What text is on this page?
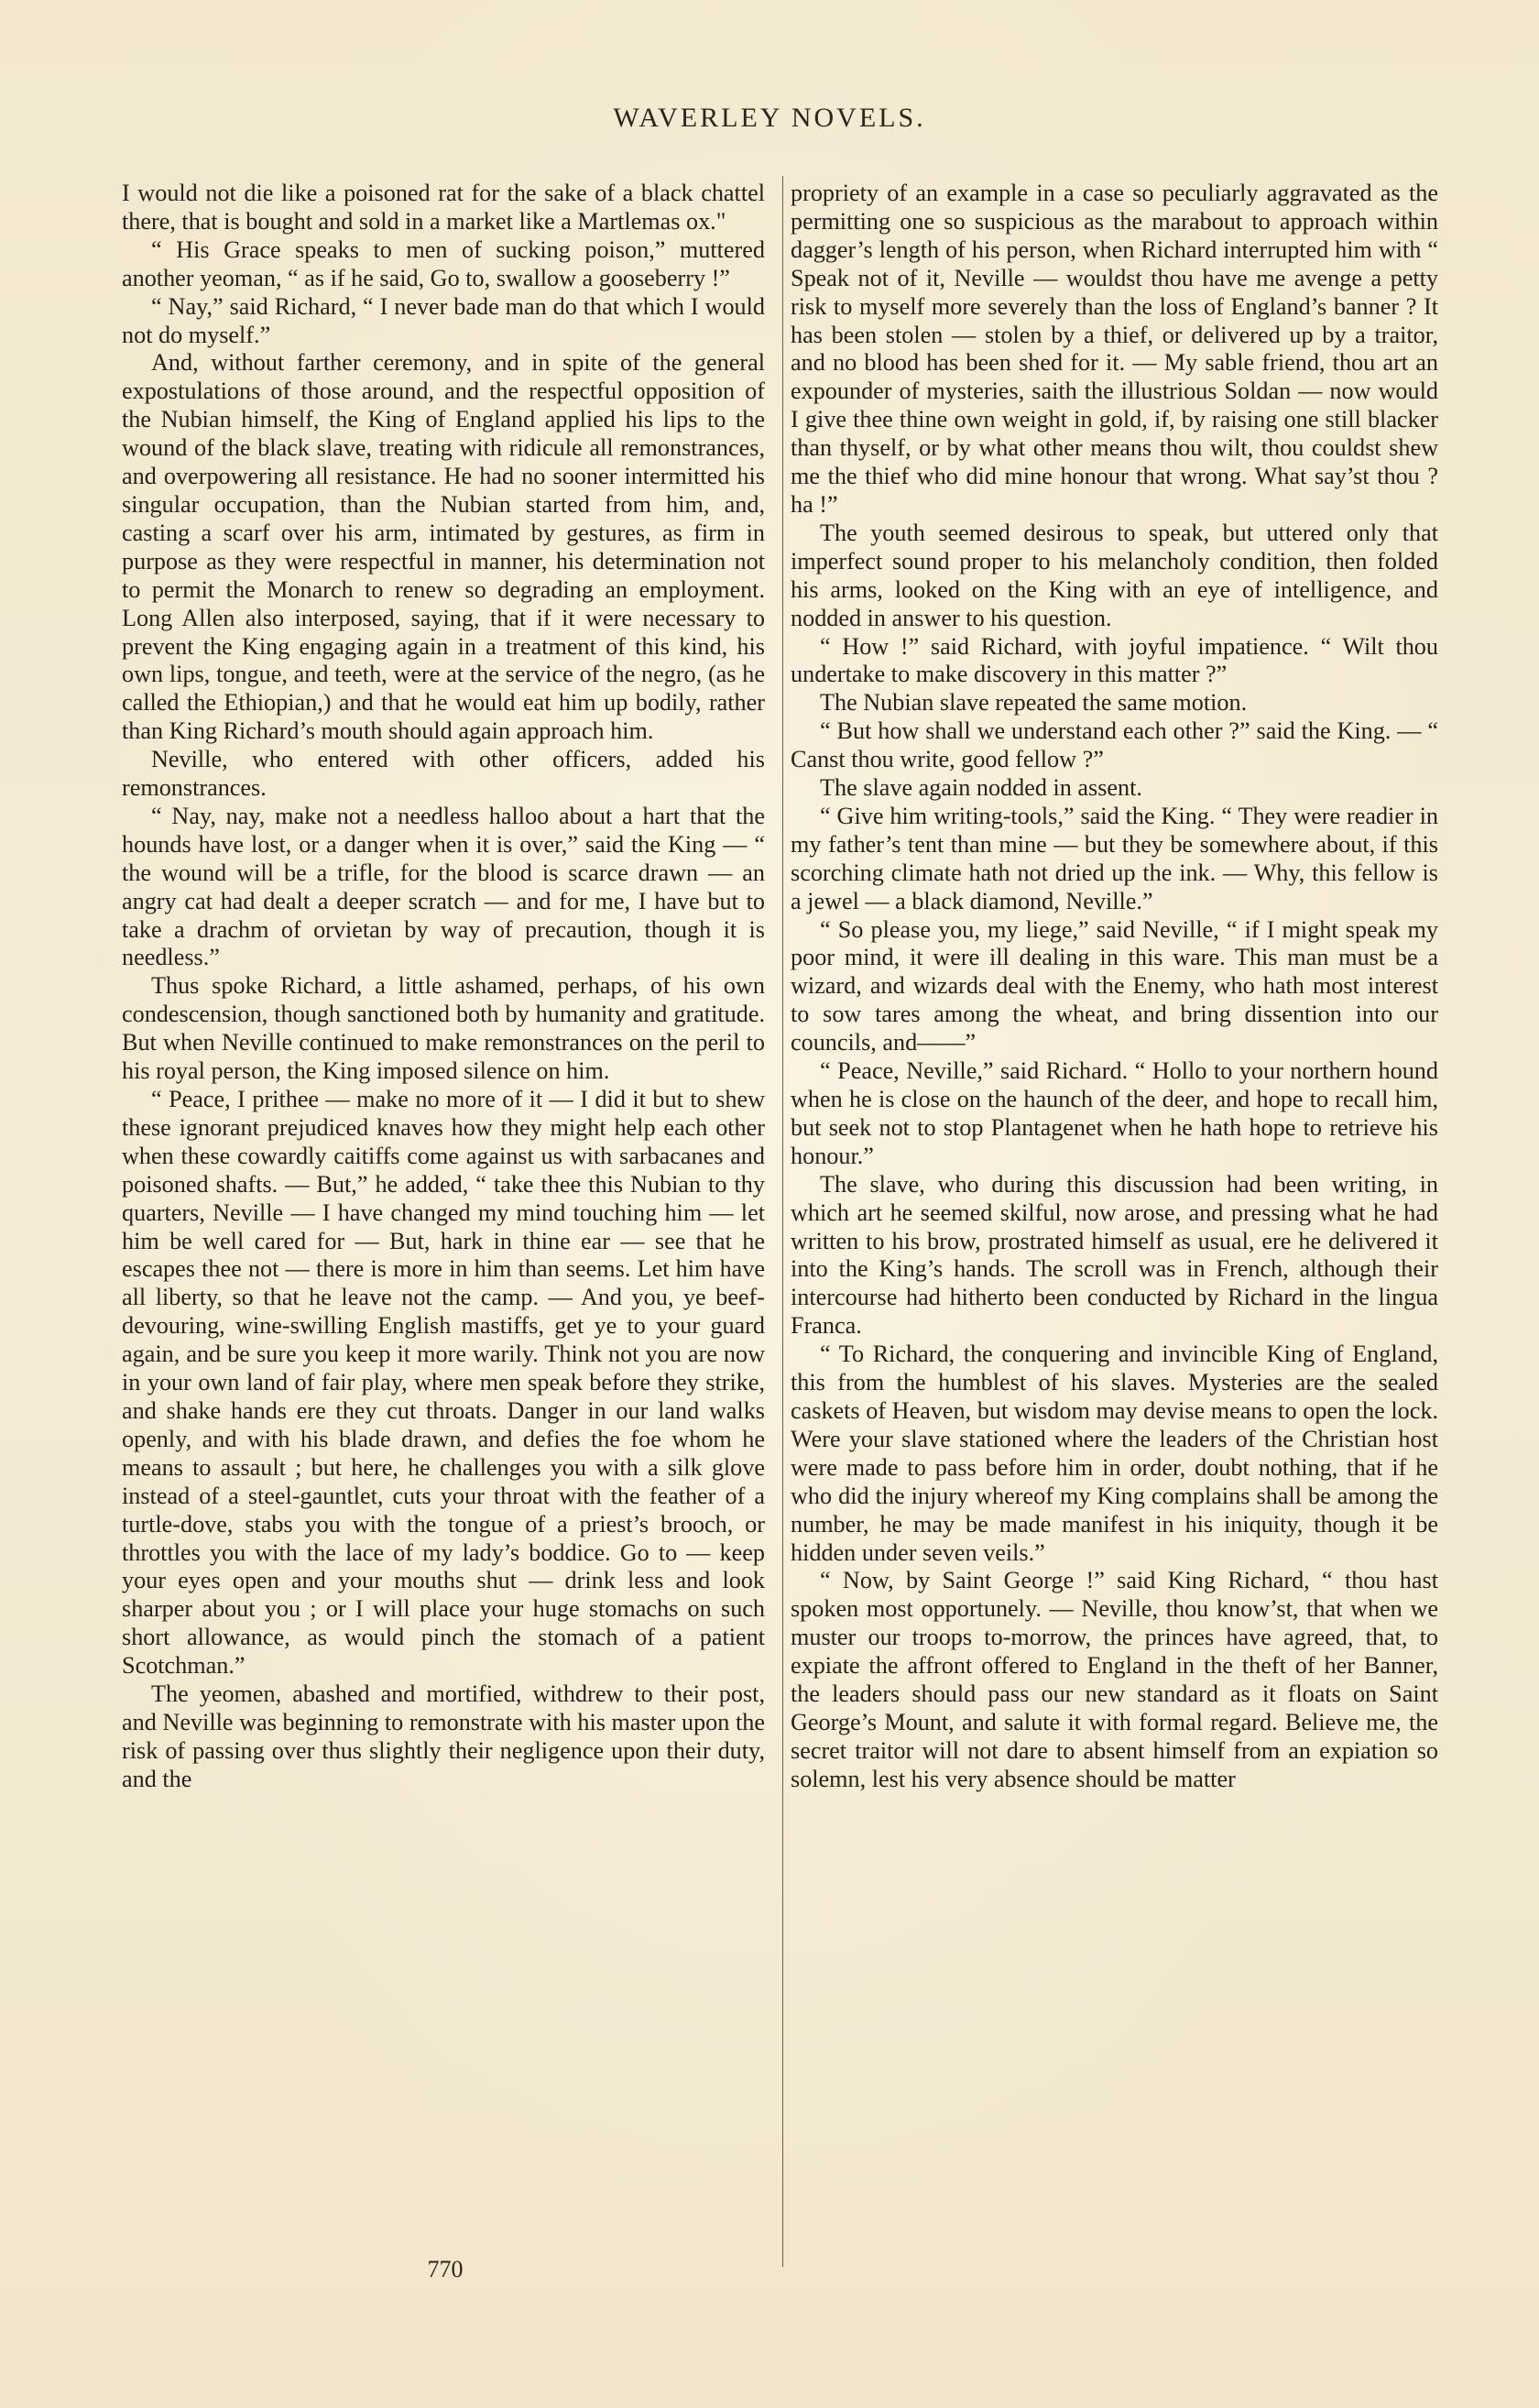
WAVERLEY NOVELS.

I would not die like a poisoned rat for the sake of a black chattel there, that is bought and sold in a market like a Martlemas ox."

“ His Grace speaks to men of sucking poison,” muttered another yeoman, “ as if he said, Go to, swallow a gooseberry !”

“ Nay,” said Richard, “ I never bade man do that which I would not do myself.”

And, without farther ceremony, and in spite of the general expostulations of those around, and the respectful opposition of the Nubian himself, the King of England applied his lips to the wound of the black slave, treating with ridicule all remonstrances, and overpowering all resistance. He had no sooner intermitted his singular occupation, than the Nubian started from him, and, casting a scarf over his arm, intimated by gestures, as firm in purpose as they were respectful in manner, his determination not to permit the Monarch to renew so degrading an employment. Long Allen also interposed, saying, that if it were necessary to prevent the King engaging again in a treatment of this kind, his own lips, tongue, and teeth, were at the service of the negro, (as he called the Ethiopian,) and that he would eat him up bodily, rather than King Richard’s mouth should again approach him.

Neville, who entered with other officers, added his remonstrances.

“ Nay, nay, make not a needless halloo about a hart that the hounds have lost, or a danger when it is over,” said the King — “ the wound will be a trifle, for the blood is scarce drawn — an angry cat had dealt a deeper scratch — and for me, I have but to take a drachm of orvietan by way of precaution, though it is needless.”

Thus spoke Richard, a little ashamed, perhaps, of his own condescension, though sanctioned both by humanity and gratitude. But when Neville continued to make remonstrances on the peril to his royal person, the King imposed silence on him.

“ Peace, I prithee — make no more of it — I did it but to shew these ignorant prejudiced knaves how they might help each other when these cowardly caitiffs come against us with sarbacanes and poisoned shafts. — But,” he added, “ take thee this Nubian to thy quarters, Neville — I have changed my mind touching him — let him be well cared for — But, hark in thine ear — see that he escapes thee not — there is more in him than seems. Let him have all liberty, so that he leave not the camp. — And you, ye beef-devouring, wine-swilling English mastiffs, get ye to your guard again, and be sure you keep it more warily. Think not you are now in your own land of fair play, where men speak before they strike, and shake hands ere they cut throats. Danger in our land walks openly, and with his blade drawn, and defies the foe whom he means to assault ; but here, he challenges you with a silk glove instead of a steel-gauntlet, cuts your throat with the feather of a turtle-dove, stabs you with the tongue of a priest’s brooch, or throttles you with the lace of my lady’s boddice. Go to — keep your eyes open and your mouths shut — drink less and look sharper about you ; or I will place your huge stomachs on such short allowance, as would pinch the stomach of a patient Scotchman.”

The yeomen, abashed and mortified, withdrew to their post, and Neville was beginning to remonstrate with his master upon the risk of passing over thus slightly their negligence upon their duty, and the

propriety of an example in a case so peculiarly aggravated as the permitting one so suspicious as the marabout to approach within dagger’s length of his person, when Richard interrupted him with “ Speak not of it, Neville — wouldst thou have me avenge a petty risk to myself more severely than the loss of England’s banner ? It has been stolen — stolen by a thief, or delivered up by a traitor, and no blood has been shed for it. — My sable friend, thou art an expounder of mysteries, saith the illustrious Soldan — now would I give thee thine own weight in gold, if, by raising one still blacker than thyself, or by what other means thou wilt, thou couldst shew me the thief who did mine honour that wrong. What say’st thou ? ha !”

The youth seemed desirous to speak, but uttered only that imperfect sound proper to his melancholy condition, then folded his arms, looked on the King with an eye of intelligence, and nodded in answer to his question.

“ How !” said Richard, with joyful impatience. “ Wilt thou undertake to make discovery in this matter ?”

The Nubian slave repeated the same motion.

“ But how shall we understand each other ?” said the King. — “ Canst thou write, good fellow ?”

The slave again nodded in assent.

“ Give him writing-tools,” said the King. “ They were readier in my father’s tent than mine — but they be somewhere about, if this scorching climate hath not dried up the ink. — Why, this fellow is a jewel — a black diamond, Neville.”

“ So please you, my liege,” said Neville, “ if I might speak my poor mind, it were ill dealing in this ware. This man must be a wizard, and wizards deal with the Enemy, who hath most interest to sow tares among the wheat, and bring dissention into our councils, and——”

“ Peace, Neville,” said Richard. “ Hollo to your northern hound when he is close on the haunch of the deer, and hope to recall him, but seek not to stop Plantagenet when he hath hope to retrieve his honour.”

The slave, who during this discussion had been writing, in which art he seemed skilful, now arose, and pressing what he had written to his brow, prostrated himself as usual, ere he delivered it into the King’s hands. The scroll was in French, although their intercourse had hitherto been conducted by Richard in the lingua Franca.

“ To Richard, the conquering and invincible King of England, this from the humblest of his slaves. Mysteries are the sealed caskets of Heaven, but wisdom may devise means to open the lock. Were your slave stationed where the leaders of the Christian host were made to pass before him in order, doubt nothing, that if he who did the injury whereof my King complains shall be among the number, he may be made manifest in his iniquity, though it be hidden under seven veils.”

“ Now, by Saint George !” said King Richard, “ thou hast spoken most opportunely. — Neville, thou know’st, that when we muster our troops to-morrow, the princes have agreed, that, to expiate the affront offered to England in the theft of her Banner, the leaders should pass our new standard as it floats on Saint George’s Mount, and salute it with formal regard. Believe me, the secret traitor will not dare to absent himself from an expiation so solemn, lest his very absence should be matter

770
